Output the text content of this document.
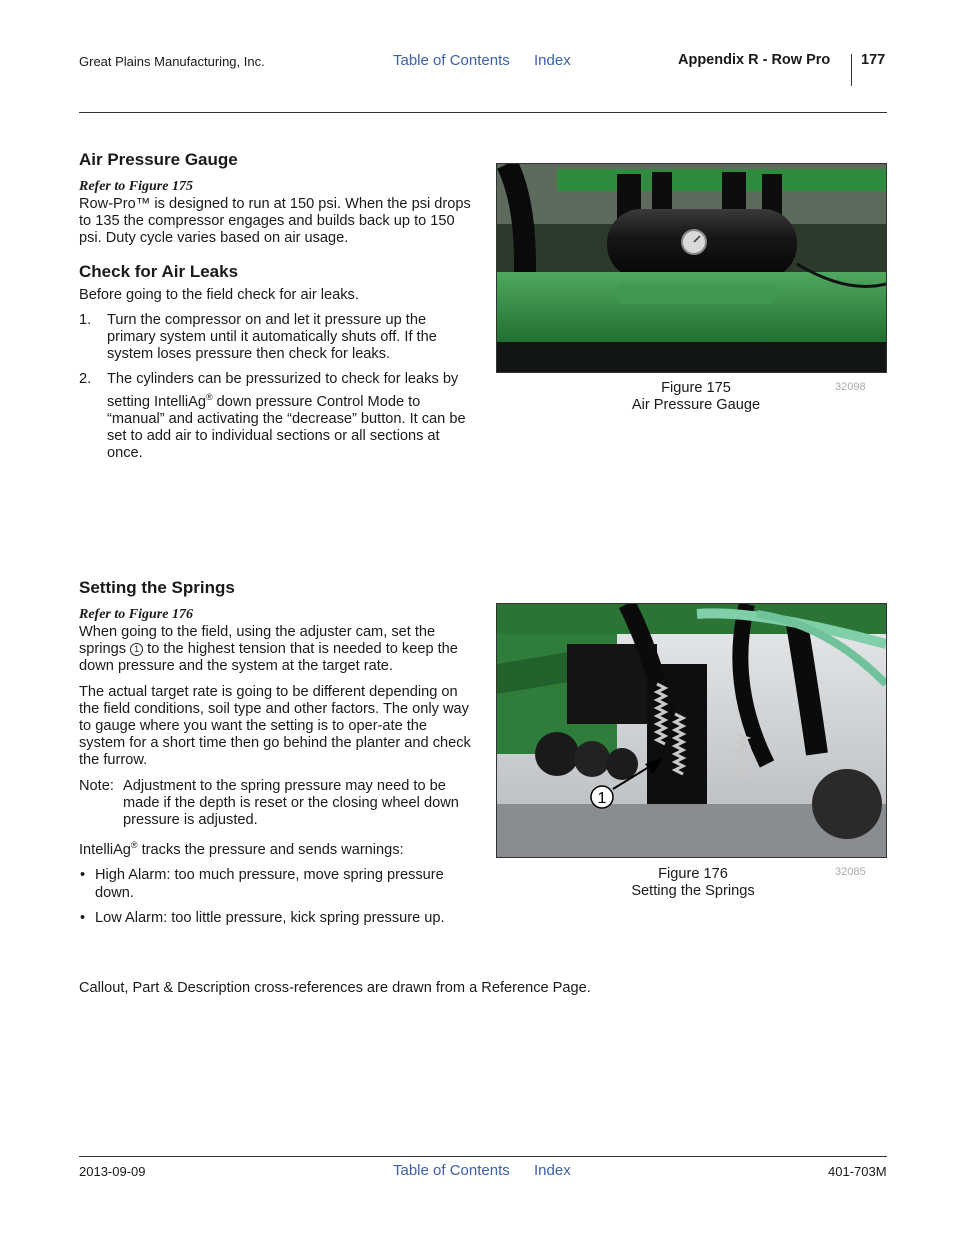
Great Plains Manufacturing, Inc.	Table of Contents Index	Appendix R - Row Pro 177
Air Pressure Gauge
Refer to Figure 175
Row-Pro™ is designed to run at 150 psi. When the psi drops to 135 the compressor engages and builds back up to 150 psi. Duty cycle varies based on air usage.
Check for Air Leaks
Before going to the field check for air leaks.
1. Turn the compressor on and let it pressure up the primary system until it automatically shuts off. If the system loses pressure then check for leaks.
2. The cylinders can be pressurized to check for leaks by setting IntelliAg® down pressure Control Mode to “manual” and activating the “decrease” button. It can be set to add air to individual sections or all sections at once.
Figure 175
Air Pressure Gauge
32098
Setting the Springs
Refer to Figure 176
When going to the field, using the adjuster cam, set the springs 1 to the highest tension that is needed to keep the down pressure and the system at the target rate.
The actual target rate is going to be different depending on the field conditions, soil type and other factors. The only way to gauge where you want the setting is to oper-ate the system for a short time then go behind the planter and check the furrow.
Note: Adjustment to the spring pressure may need to be made if the depth is reset or the closing wheel down pressure is adjusted.
IntelliAg® tracks the pressure and sends warnings:
• High Alarm: too much pressure, move spring pressure down.
• Low Alarm: too little pressure, kick spring pressure up.
1
Figure 176
Setting the Springs
32085
Callout, Part & Description cross-references are drawn from a Reference Page.
2013-09-09	Table of Contents Index	401-703M
